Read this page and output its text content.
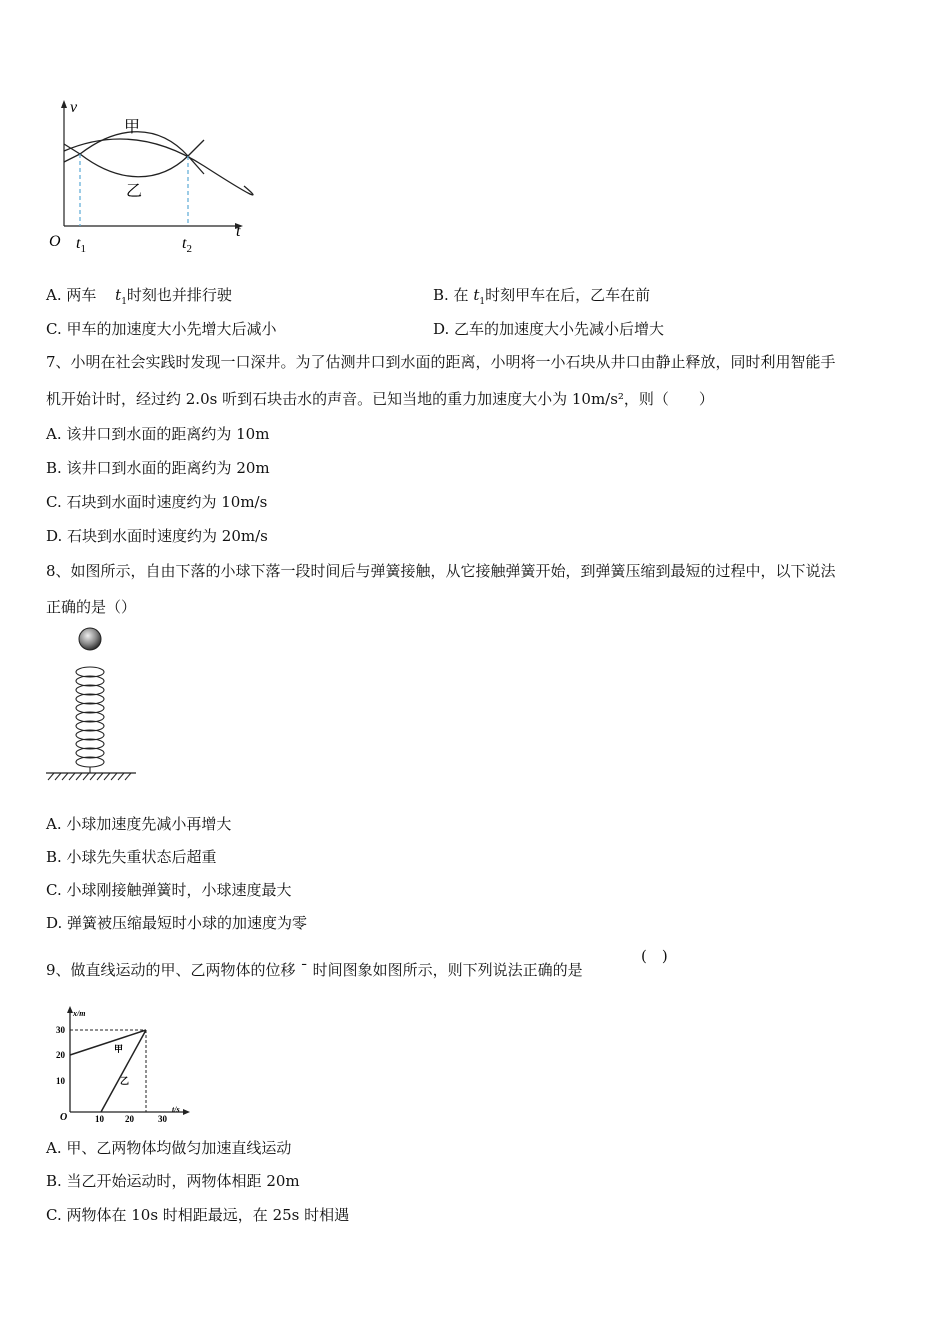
v
t
O $t_1$	$t_2$
甲
乙
A. 两车 $t_1$时刻也并排行驶	B. 在 $t_1$时刻甲车在后，乙车在前
C. 甲车的加速度大小先增大后减小	D. 乙车的加速度大小先减小后增大
7、小明在社会实践时发现一口深井。为了估测井口到水面的距离，小明将一小石块从井口由静止释放，同时利用智能手
机开始计时，经过约 2.0s 听到石块击水的声音。已知当地的重力加速度大小为 10m/s²，则（　　）
A. 该井口到水面的距离约为 10m
B. 该井口到水面的距离约为 20m
C. 石块到水面时速度约为 10m/s
D. 石块到水面时速度约为 20m/s
8、如图所示，自由下落的小球下落一段时间后与弹簧接触，从它接触弹簧开始，到弹簧压缩到最短的过程中，以下说法
正确的是（）
A. 小球加速度先减小再增大
B. 小球先失重状态后超重
C. 小球刚接触弹簧时，小球速度最大
D. 弹簧被压缩最短时小球的加速度为零
9、做直线运动的甲、乙两物体的位移 ˉ 时间图象如图所示，则下列说法正确的是
(　)
x/m
t/s
O
10
20
30
10 20	30
甲
乙
A. 甲、乙两物体均做匀加速直线运动
B. 当乙开始运动时，两物体相距 20m
C. 两物体在 10s 时相距最远，在 25s 时相遇
